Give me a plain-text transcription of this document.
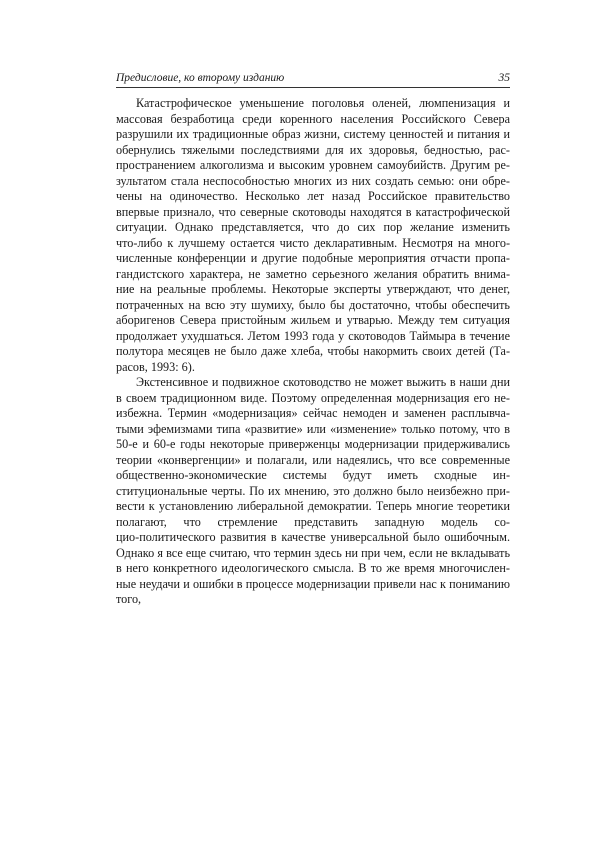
Предисловие, ко второму изданию	35
Катастрофическое уменьшение поголовья оленей, люмпенизация и
массовая безработица среди коренного населения Российского Севера
разрушили их традиционные образ жизни, систему ценностей и питания и
обернулись тяжелыми последствиями для их здоровья, бедностью, рас-
пространением алкоголизма и высоким уровнем самоубийств. Другим ре-
зультатом стала неспособностью многих из них создать семью: они обре-
чены на одиночество. Несколько лет назад Российское правительство
впервые признало, что северные скотоводы находятся в катастрофической
ситуации. Однако представляется, что до сих пор желание изменить
что-либо к лучшему остается чисто декларативным. Несмотря на много-
численные конференции и другие подобные мероприятия отчасти пропа-
гандистского характера, не заметно серьезного желания обратить внима-
ние на реальные проблемы. Некоторые эксперты утверждают, что денег,
потраченных на всю эту шумиху, было бы достаточно, чтобы обеспечить
аборигенов Севера пристойным жильем и утварью. Между тем ситуация
продолжает ухудшаться. Летом 1993 года у скотоводов Таймыра в течение
полутора месяцев не было даже хлеба, чтобы накормить своих детей (Та-
расов, 1993: 6).
Экстенсивное и подвижное скотоводство не может выжить в наши дни
в своем традиционном виде. Поэтому определенная модернизация его не-
избежна. Термин «модернизация» сейчас немоден и заменен расплывча-
тыми эфемизмами типа «развитие» или «изменение» только потому, что в
50-е и 60-е годы некоторые приверженцы модернизации придерживались
теории «конвергенции» и полагали, или надеялись, что все современные
общественно-экономические системы будут иметь сходные ин-
ституциональные черты. По их мнению, это должно было неизбежно при-
вести к установлению либеральной демократии. Теперь многие теоретики
полагают, что стремление представить западную модель со-
цио-политического развития в качестве универсальной было ошибочным.
Однако я все еще считаю, что термин здесь ни при чем, если не вкладывать
в него конкретного идеологического смысла. В то же время многочислен-
ные неудачи и ошибки в процессе модернизации привели нас к пониманию
того,
